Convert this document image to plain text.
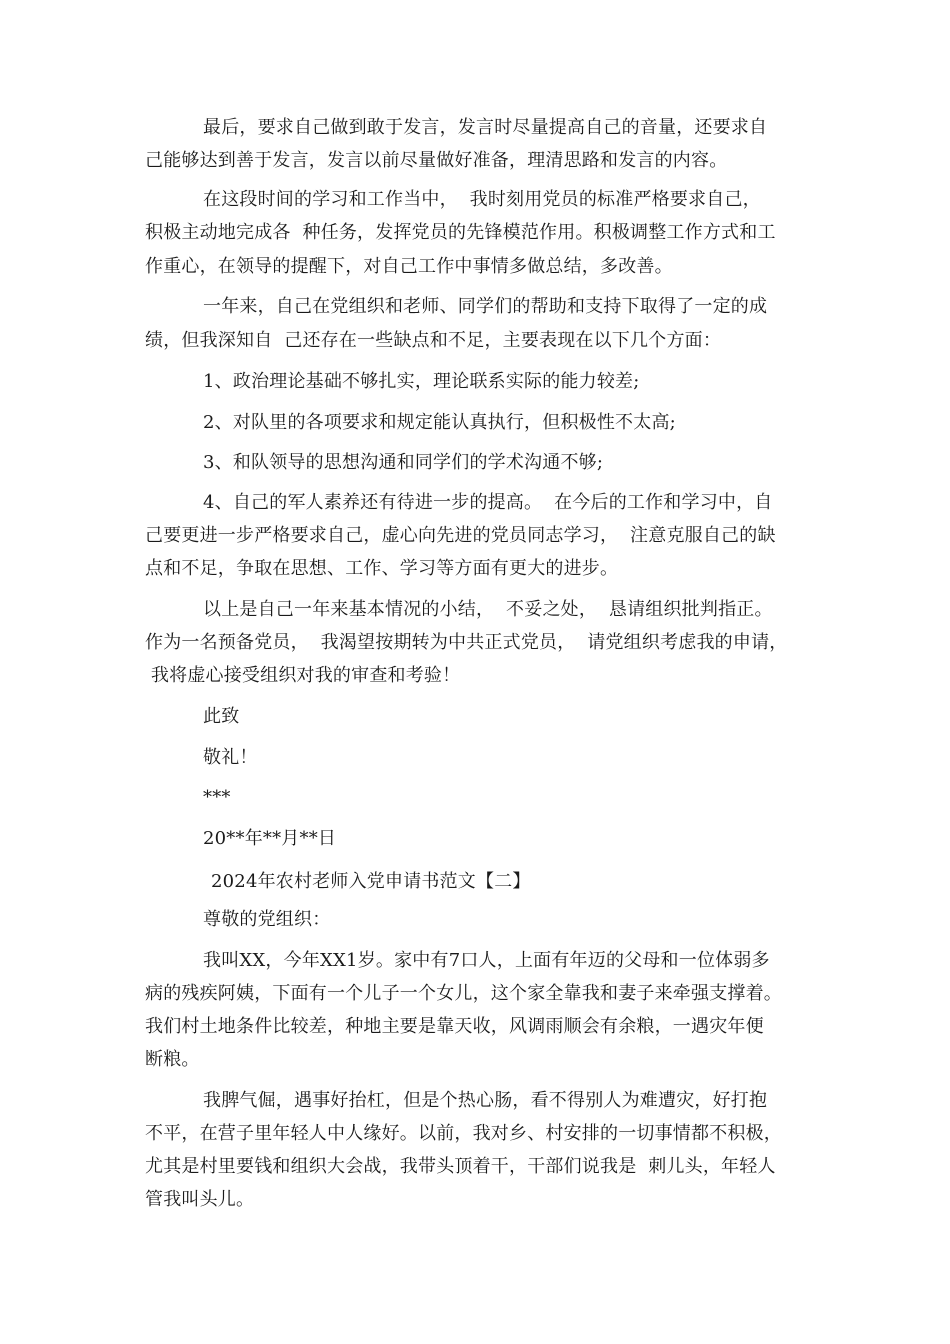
最后，要求自己做到敢于发言，发言时尽量提高自己的音量，还要求自
己能够达到善于发言，发言以前尽量做好准备，理清思路和发言的内容。
在这段时间的学习和工作当中，  我时刻用党员的标准严格要求自己，
积极主动地完成各  种任务，发挥党员的先锋模范作用。积极调整工作方式和工
作重心，在领导的提醒下，对自己工作中事情多做总结，多改善。
一年来，自己在党组织和老师、同学们的帮助和支持下取得了一定的成
绩，但我深知自  己还存在一些缺点和不足，主要表现在以下几个方面：
1、政治理论基础不够扎实，理论联系实际的能力较差;
2、对队里的各项要求和规定能认真执行，但积极性不太高;
3、和队领导的思想沟通和同学们的学术沟通不够;
4、自己的军人素养还有待进一步的提高。  在今后的工作和学习中，自
己要更进一步严格要求自己，虚心向先进的党员同志学习，  注意克服自己的缺
点和不足，争取在思想、工作、学习等方面有更大的进步。
以上是自己一年来基本情况的小结，  不妥之处，  恳请组织批判指正。
作为一名预备党员，  我渴望按期转为中共正式党员，  请党组织考虑我的申请，
我将虚心接受组织对我的审查和考验！
此致
敬礼！
***
20**年**月**日
2024年农村老师入党申请书范文【二】
尊敬的党组织：
我叫XX，今年XX1岁。家中有7口人，上面有年迈的父母和一位体弱多
病的残疾阿姨，下面有一个儿子一个女儿，这个家全靠我和妻子来牵强支撑着。
我们村土地条件比较差，种地主要是靠天收，风调雨顺会有余粮，一遇灾年便
断粮。
我脾气倔，遇事好抬杠，但是个热心肠，看不得别人为难遭灾，好打抱
不平，在营子里年轻人中人缘好。以前，我对乡、村安排的一切事情都不积极，
尤其是村里要钱和组织大会战，我带头顶着干，干部们说我是  刺儿头，年轻人
管我叫头儿。
